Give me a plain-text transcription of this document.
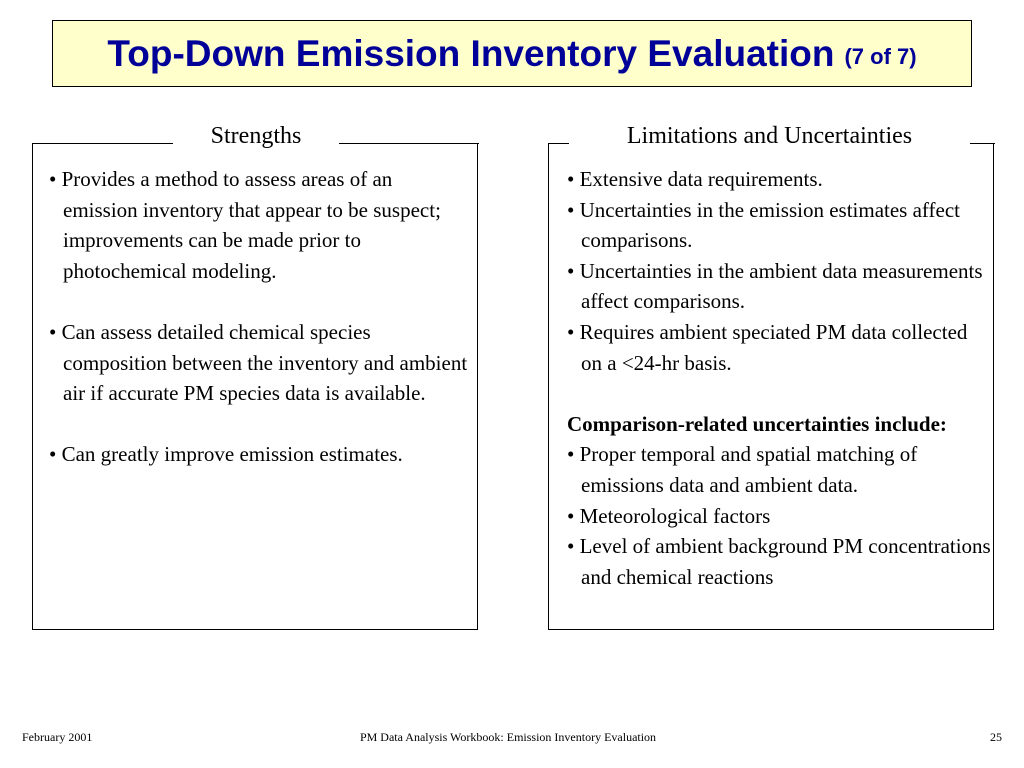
Top-Down Emission Inventory Evaluation (7 of 7)
Strengths
• Provides a method to assess areas of an emission inventory that appear to be suspect; improvements can be made prior to photochemical modeling.
• Can assess detailed chemical species composition between the inventory and ambient air if accurate PM species data is available.
• Can greatly improve emission estimates.
Limitations and Uncertainties
• Extensive data requirements.
• Uncertainties in the emission estimates affect comparisons.
• Uncertainties in the ambient data measurements affect comparisons.
• Requires ambient speciated PM data collected on a <24-hr basis.
Comparison-related uncertainties include:
• Proper temporal and spatial matching of emissions data and ambient data.
• Meteorological factors
• Level of ambient background PM concentrations and chemical reactions
February 2001	PM Data Analysis Workbook: Emission Inventory Evaluation	25
